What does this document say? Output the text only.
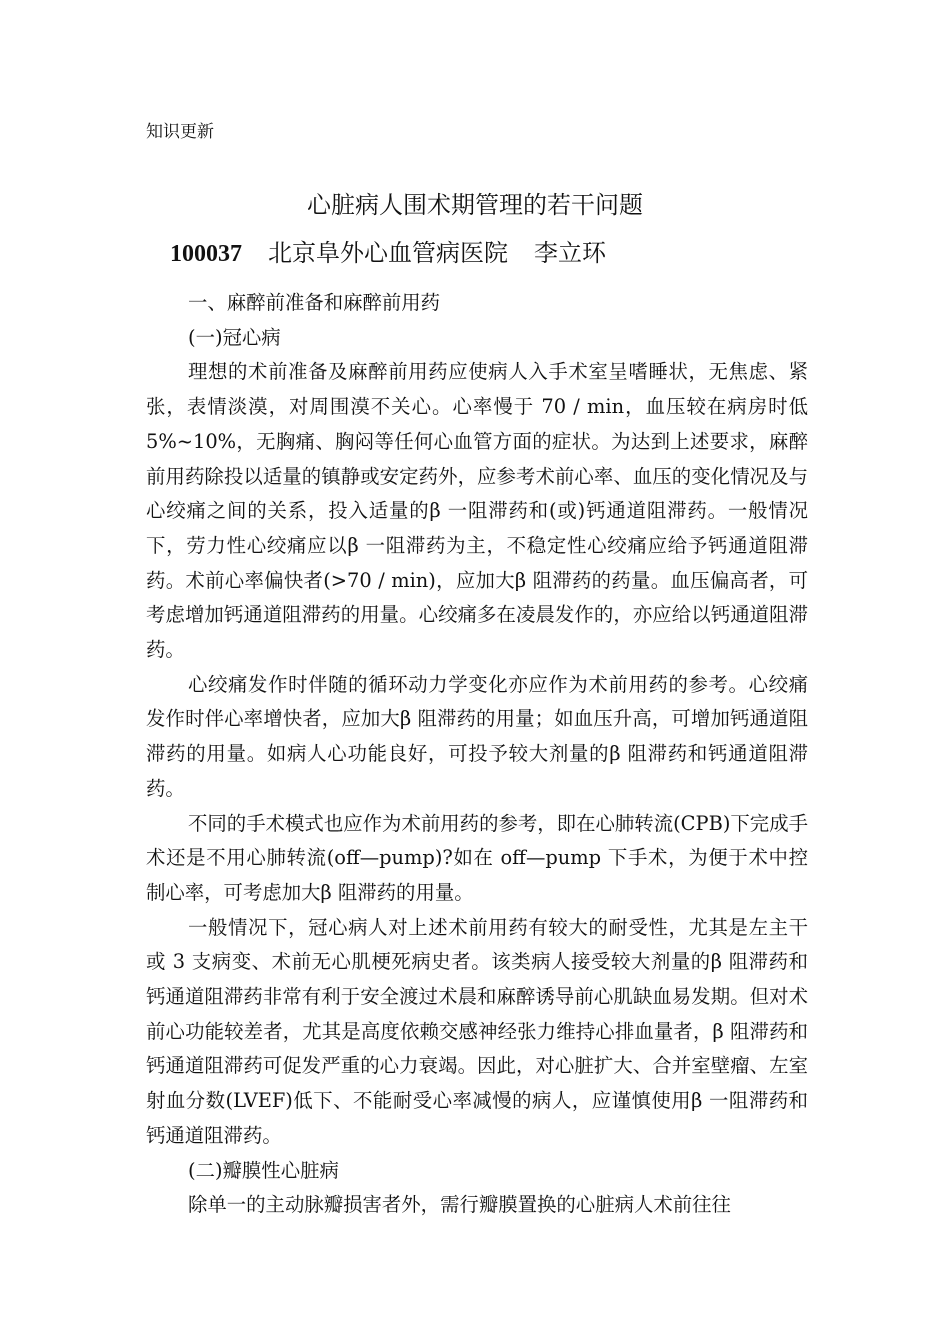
知识更新
心脏病人围术期管理的若干问题
100037 北京阜外心血管病医院 李立环

一、麻醉前准备和麻醉前用药

(一)冠心病

理想的术前准备及麻醉前用药应使病人入手术室呈嗜睡状，无焦虑、紧张，表情淡漠，对周围漠不关心。心率慢于 70 / min，血压较在病房时低 5%~10%，无胸痛、胸闷等任何心血管方面的症状。为达到上述要求，麻醉前用药除投以适量的镇静或安定药外，应参考术前心率、血压的变化情况及与心绞痛之间的关系，投入适量的β 一阻滞药和(或)钙通道阻滞药。一般情况下，劳力性心绞痛应以β 一阻滞药为主，不稳定性心绞痛应给予钙通道阻滞药。术前心率偏快者(>70 / min)，应加大β 阻滞药的药量。血压偏高者，可考虑增加钙通道阻滞药的用量。心绞痛多在凌晨发作的，亦应给以钙通道阻滞药。

心绞痛发作时伴随的循环动力学变化亦应作为术前用药的参考。心绞痛发作时伴心率增快者，应加大β 阻滞药的用量；如血压升高，可增加钙通道阻滞药的用量。如病人心功能良好，可投予较大剂量的β 阻滞药和钙通道阻滞药。

不同的手术模式也应作为术前用药的参考，即在心肺转流(CPB)下完成手术还是不用心肺转流(off—pump)?如在 off—pump 下手术，为便于术中控制心率，可考虑加大β 阻滞药的用量。

一般情况下，冠心病人对上述术前用药有较大的耐受性，尤其是左主干或 3 支病变、术前无心肌梗死病史者。该类病人接受较大剂量的β 阻滞药和钙通道阻滞药非常有利于安全渡过术晨和麻醉诱导前心肌缺血易发期。但对术前心功能较差者，尤其是高度依赖交感神经张力维持心排血量者，β 阻滞药和钙通道阻滞药可促发严重的心力衰竭。因此，对心脏扩大、合并室壁瘤、左室射血分数(LVEF)低下、不能耐受心率减慢的病人，应谨慎使用β 一阻滞药和钙通道阻滞药。

(二)瓣膜性心脏病

除单一的主动脉瓣损害者外，需行瓣膜置换的心脏病人术前往往
